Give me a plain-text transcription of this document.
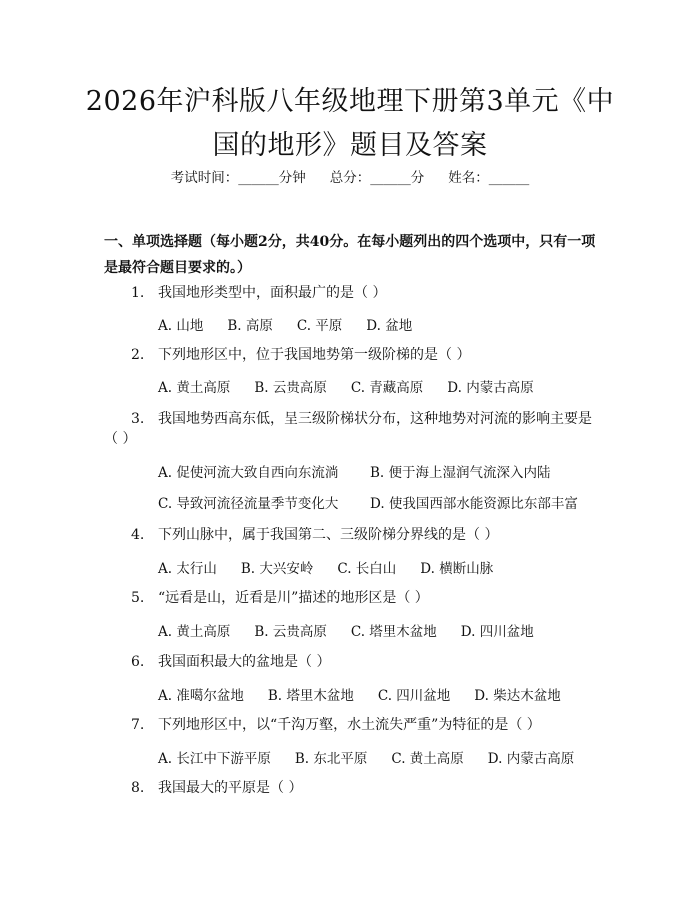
2026年沪科版八年级地理下册第3单元《中
国的地形》题目及答案
考试时间：______分钟 总分：______分 姓名：______
一、单项选择题（每小题2分，共40分。在每小题列出的四个选项中，只有一项
是最符合题目要求的。）
1. 我国地形类型中，面积最广的是（ ）
A. 山地 B. 高原 C. 平原 D. 盆地
2. 下列地形区中，位于我国地势第一级阶梯的是（ ）
A. 黄土高原 B. 云贵高原 C. 青藏高原 D. 内蒙古高原
3. 我国地势西高东低，呈三级阶梯状分布，这种地势对河流的影响主要是
（ ）
A. 促使河流大致自西向东流淌 B. 便于海上湿润气流深入内陆
C. 导致河流径流量季节变化大 D. 使我国西部水能资源比东部丰富
4. 下列山脉中，属于我国第二、三级阶梯分界线的是（ ）
A. 太行山 B. 大兴安岭 C. 长白山 D. 横断山脉
5. “远看是山，近看是川”描述的地形区是（ ）
A. 黄土高原 B. 云贵高原 C. 塔里木盆地 D. 四川盆地
6. 我国面积最大的盆地是（ ）
A. 准噶尔盆地 B. 塔里木盆地 C. 四川盆地 D. 柴达木盆地
7. 下列地形区中，以“千沟万壑，水土流失严重”为特征的是（ ）
A. 长江中下游平原 B. 东北平原 C. 黄土高原 D. 内蒙古高原
8. 我国最大的平原是（ ）
